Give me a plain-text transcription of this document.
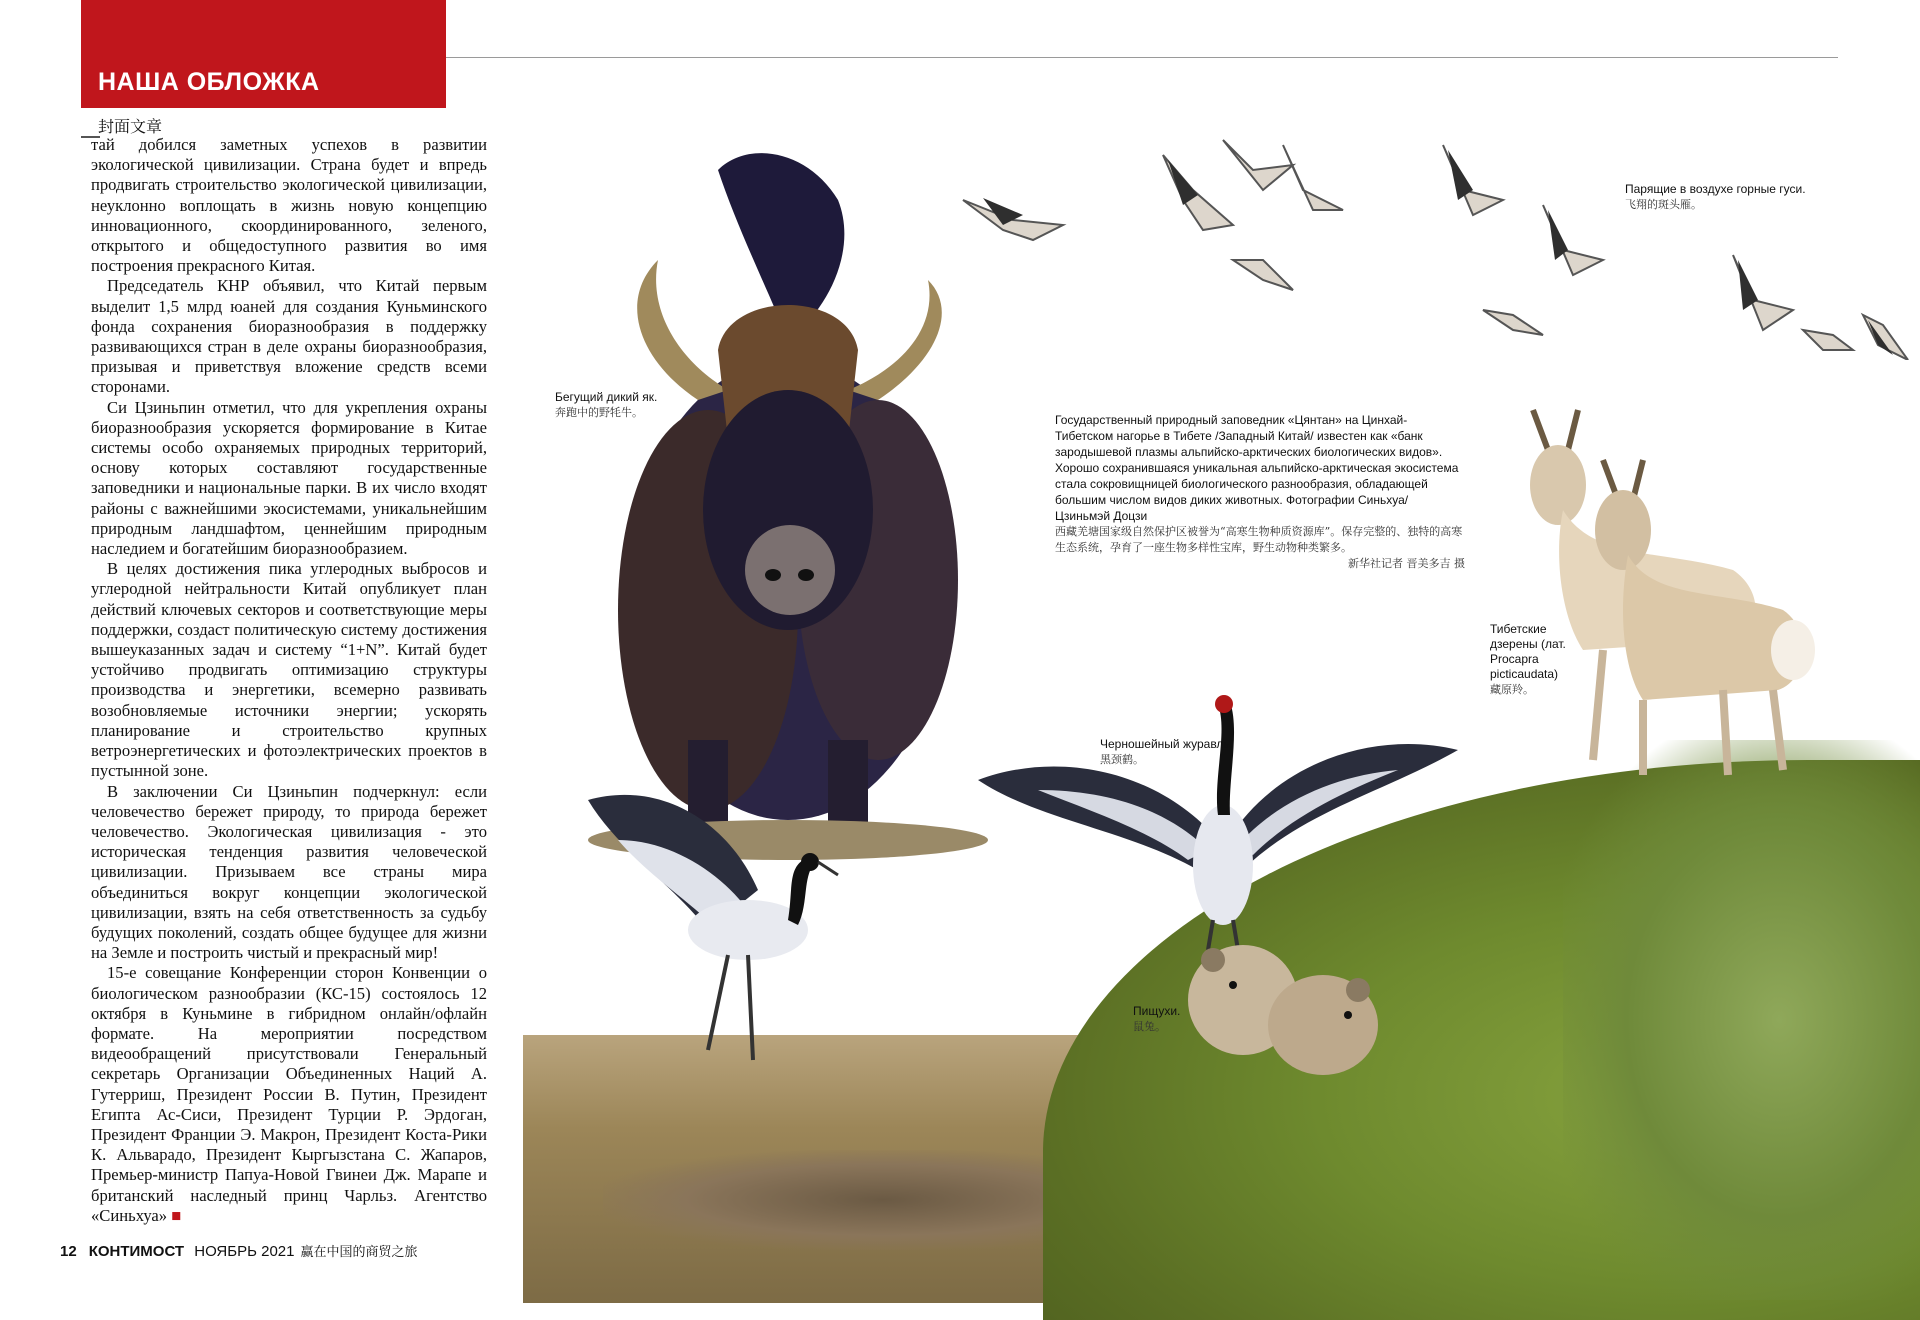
НАША ОБЛОЖКА
封面文章

тай добился заметных успехов в развитии экологической цивилизации. Страна будет и впредь продвигать строительство экологической цивилизации, неуклонно воплощать в жизнь новую концепцию инновационного, скоординированного, зеленого, открытого и общедоступного развития во имя построения прекрасного Китая.

Председатель КНР объявил, что Китай первым выделит 1,5 млрд юаней для создания Куньминского фонда сохранения биоразнообразия в поддержку развивающихся стран в деле охраны биоразнообразия, призывая и приветствуя вложение средств всеми сторонами.

Си Цзиньпин отметил, что для укрепления охраны биоразнообразия ускоряется формирование в Китае системы особо охраняемых природных территорий, основу которых составляют государственные заповедники и национальные парки. В их число входят районы с важнейшими экосистемами, уникальнейшим природным ландшафтом, ценнейшим природным наследием и богатейшим биоразнообразием.

В целях достижения пика углеродных выбросов и углеродной нейтральности Китай опубликует план действий ключевых секторов и соответствующие меры поддержки, создаст политическую систему достижения вышеуказанных задач и систему “1+N”. Китай будет устойчиво продвигать оптимизацию структуры производства и энергетики, всемерно развивать возобновляемые источники энергии; ускорять планирование и строительство крупных ветроэнергетических и фотоэлектрических проектов в пустынной зоне.

В заключении Си Цзиньпин подчеркнул: если человечество бережет природу, то природа бережет человечество. Экологическая цивилизация - это историческая тенденция развития человеческой цивилизации. Призываем все страны мира объединиться вокруг концепции экологической цивилизации, взять на себя ответственность за судьбу будущих поколений, создать общее будущее для жизни на Земле и построить чистый и прекрасный мир!

15-е совещание Конференции сторон Конвенции о биологическом разнообразии (КС-15) состоялось 12 октября в Куньмине в гибридном онлайн/офлайн формате. На мероприятии посредством видеообращений присутствовали Генеральный секретарь Организации Объединенных Наций А. Гутерриш, Президент России В. Путин, Президент Египта Ас-Сиси, Президент Турции Р. Эрдоган, Президент Франции Э. Макрон, Президент Коста-Рики К. Альварадо, Президент Кыргызстана С. Жапаров, Премьер-министр Папуа-Новой Гвинеи Дж. Марапе и британский наследный принц Чарльз. Агентство «Синьхуа» ■

12 КОНТИМОСТ НОЯБРЬ 2021 赢在中国的商贸之旅
Бегущий дикий як.
奔跑中的野牦牛。
Парящие в воздухе горные гуси.
飞翔的斑头雁。
Тибетские дзерены (лат. Procapra picticaudata)
藏原羚。
Черношейный журавль.
黑颈鹤。
Пищухи.
鼠兔。
Государственный природный заповедник «Цянтан» на Цинхай-Тибетском нагорье в Тибете /Западный Китай/ известен как «банк зародышевой плазмы альпийско-арктических биологических видов». Хорошо сохранившаяся уникальная альпийско-арктическая экосистема стала сокровищницей биологического разнообразия, обладающей большим числом видов диких животных. Фотографии Синьхуа/ Цзиньмэй Доцзи
西藏羌塘国家级自然保护区被誉为“高寒生物种质资源库”。保存完整的、独特的高寒生态系统，孕育了一座生物多样性宝库，野生动物种类繁多。
新华社记者 晋美多吉 摄
